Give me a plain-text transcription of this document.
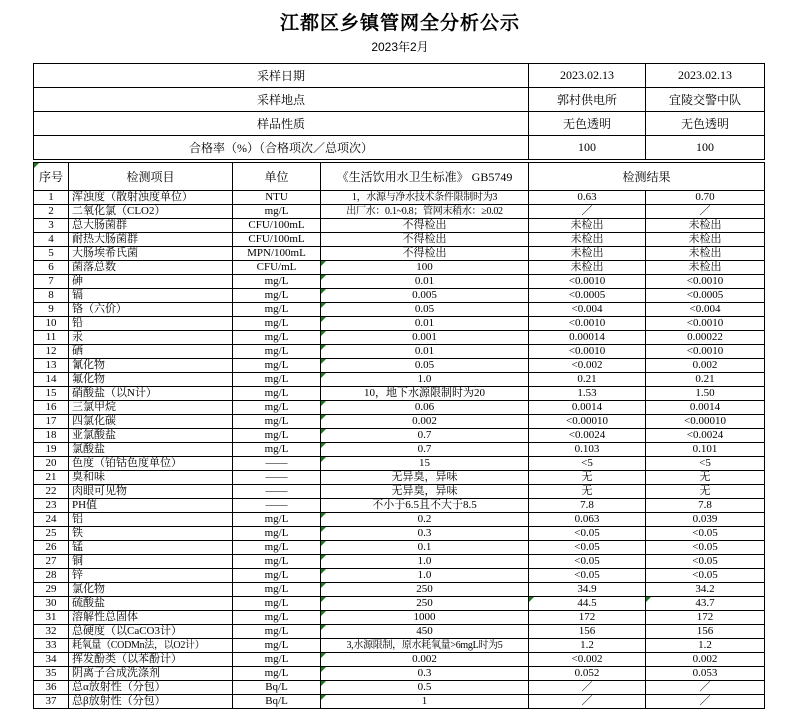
江都区乡镇管网全分析公示
2023年2月
采样日期	2023.02.13	2023.02.13
采样地点	郭村供电所	宜陵交警中队
样品性质	无色透明	无色透明
合格率（%）（合格项次／总项次）	100	100
序号	检测项目	单位	《生活饮用水卫生标准》 GB5749	检测结果	
1	浑浊度（散射浊度单位）	NTU	1，水源与净水技术条件限制时为3	0.63	0.70
2	二氧化氯（CLO2）	mg/L	出厂水：0.1~0.8；管网末稍水：≥0.02	／	／
3	总大肠菌群	CFU/100mL	不得检出	未检出	未检出
4	耐热大肠菌群	CFU/100mL	不得检出	未检出	未检出
5	大肠埃希氏菌	MPN/100mL	不得检出	未检出	未检出
6	菌落总数	CFU/mL	100	未检出	未检出
7	砷	mg/L	0.01	<0.0010	<0.0010
8	镉	mg/L	0.005	<0.0005	<0.0005
9	铬（六价）	mg/L	0.05	<0.004	<0.004
10	铅	mg/L	0.01	<0.0010	<0.0010
11	汞	mg/L	0.001	0.00014	0.00022
12	硒	mg/L	0.01	<0.0010	<0.0010
13	氰化物	mg/L	0.05	<0.002	0.002
14	氟化物	mg/L	1.0	0.21	0.21
15	硝酸盐（以N计）	mg/L	10，地下水源限制时为20	1.53	1.50
16	三氯甲烷	mg/L	0.06	0.0014	0.0014
17	四氯化碳	mg/L	0.002	<0.00010	<0.00010
18	亚氯酸盐	mg/L	0.7	<0.0024	<0.0024
19	氯酸盐	mg/L	0.7	0.103	0.101
20	色度（铂钴色度单位）	——	15	<5	<5
21	臭和味	——	无异臭，异味	无	无
22	肉眼可见物	——	无异臭，异味	无	无
23	PH值	——	不小于6.5且不大于8.5	7.8	7.8
24	铝	mg/L	0.2	0.063	0.039
25	铁	mg/L	0.3	<0.05	<0.05
26	锰	mg/L	0.1	<0.05	<0.05
27	铜	mg/L	1.0	<0.05	<0.05
28	锌	mg/L	1.0	<0.05	<0.05
29	氯化物	mg/L	250	34.9	34.2
30	硫酸盐	mg/L	250	44.5	43.7
31	溶解性总固体	mg/L	1000	172	172
32	总硬度（以CaCO3计）	mg/L	450	156	156
33	耗氧量（CODMn法，以O2计）	mg/L	3,水源限制，原水耗氧量>6mgL时为5	1.2	1.2
34	挥发酚类（以苯酚计）	mg/L	0.002	<0.002	0.002
35	阴离子合成洗涤剂	mg/L	0.3	0.052	0.053
36	总α放射性（分包）	Bq/L	0.5	／	／
37	总β放射性（分包）	Bq/L	1	／	／
